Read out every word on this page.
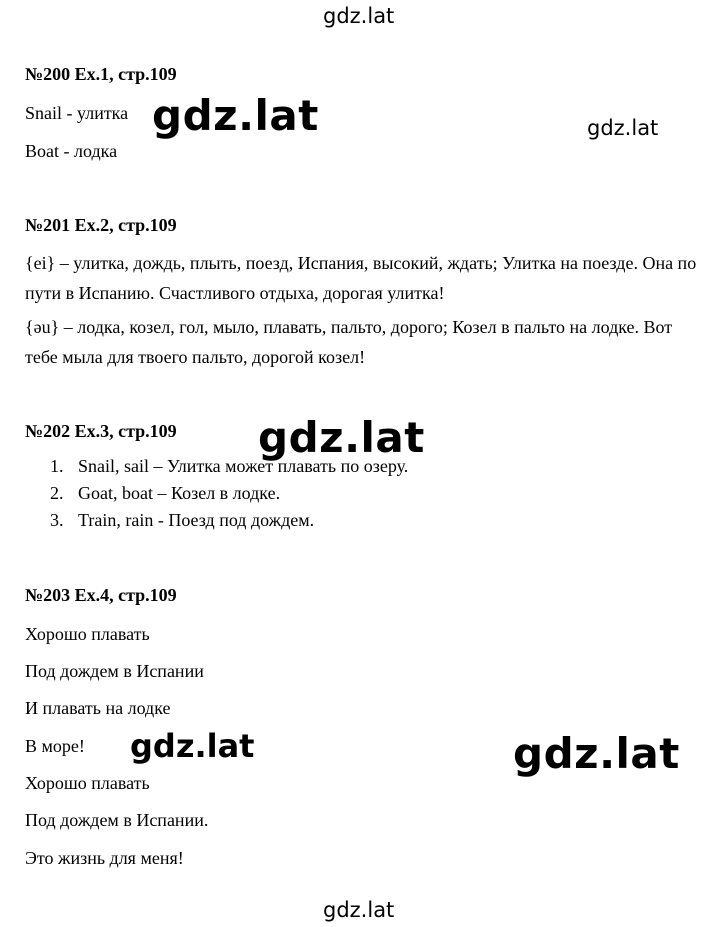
gdz.lat
gdz.lat	gdz.lat
gdz.lat
gdz.lat	gdz.lat
gdz.lat
№200 Ex.1, стр.109
Snail - улитка
Boat - лодка
№201 Ex.2, стр.109
{ei} – улитка, дождь, плыть, поезд, Испания, высокий, ждать; Улитка на поезде. Она по пути в Испанию. Счастливого отдыха, дорогая улитка!
{əu} – лодка, козел, гол, мыло, плавать, пальто, дорого; Козел в пальто на лодке. Вот тебе мыла для твоего пальто, дорогой козел!
№202 Ex.3, стр.109
1. Snail, sail – Улитка может плавать по озеру.
2. Goat, boat – Козел в лодке.
3. Train, rain - Поезд под дождем.
№203 Ex.4, стр.109
Хорошо плавать
Под дождем в Испании
И плавать на лодке
В море!
Хорошо плавать
Под дождем в Испании.
Это жизнь для меня!
